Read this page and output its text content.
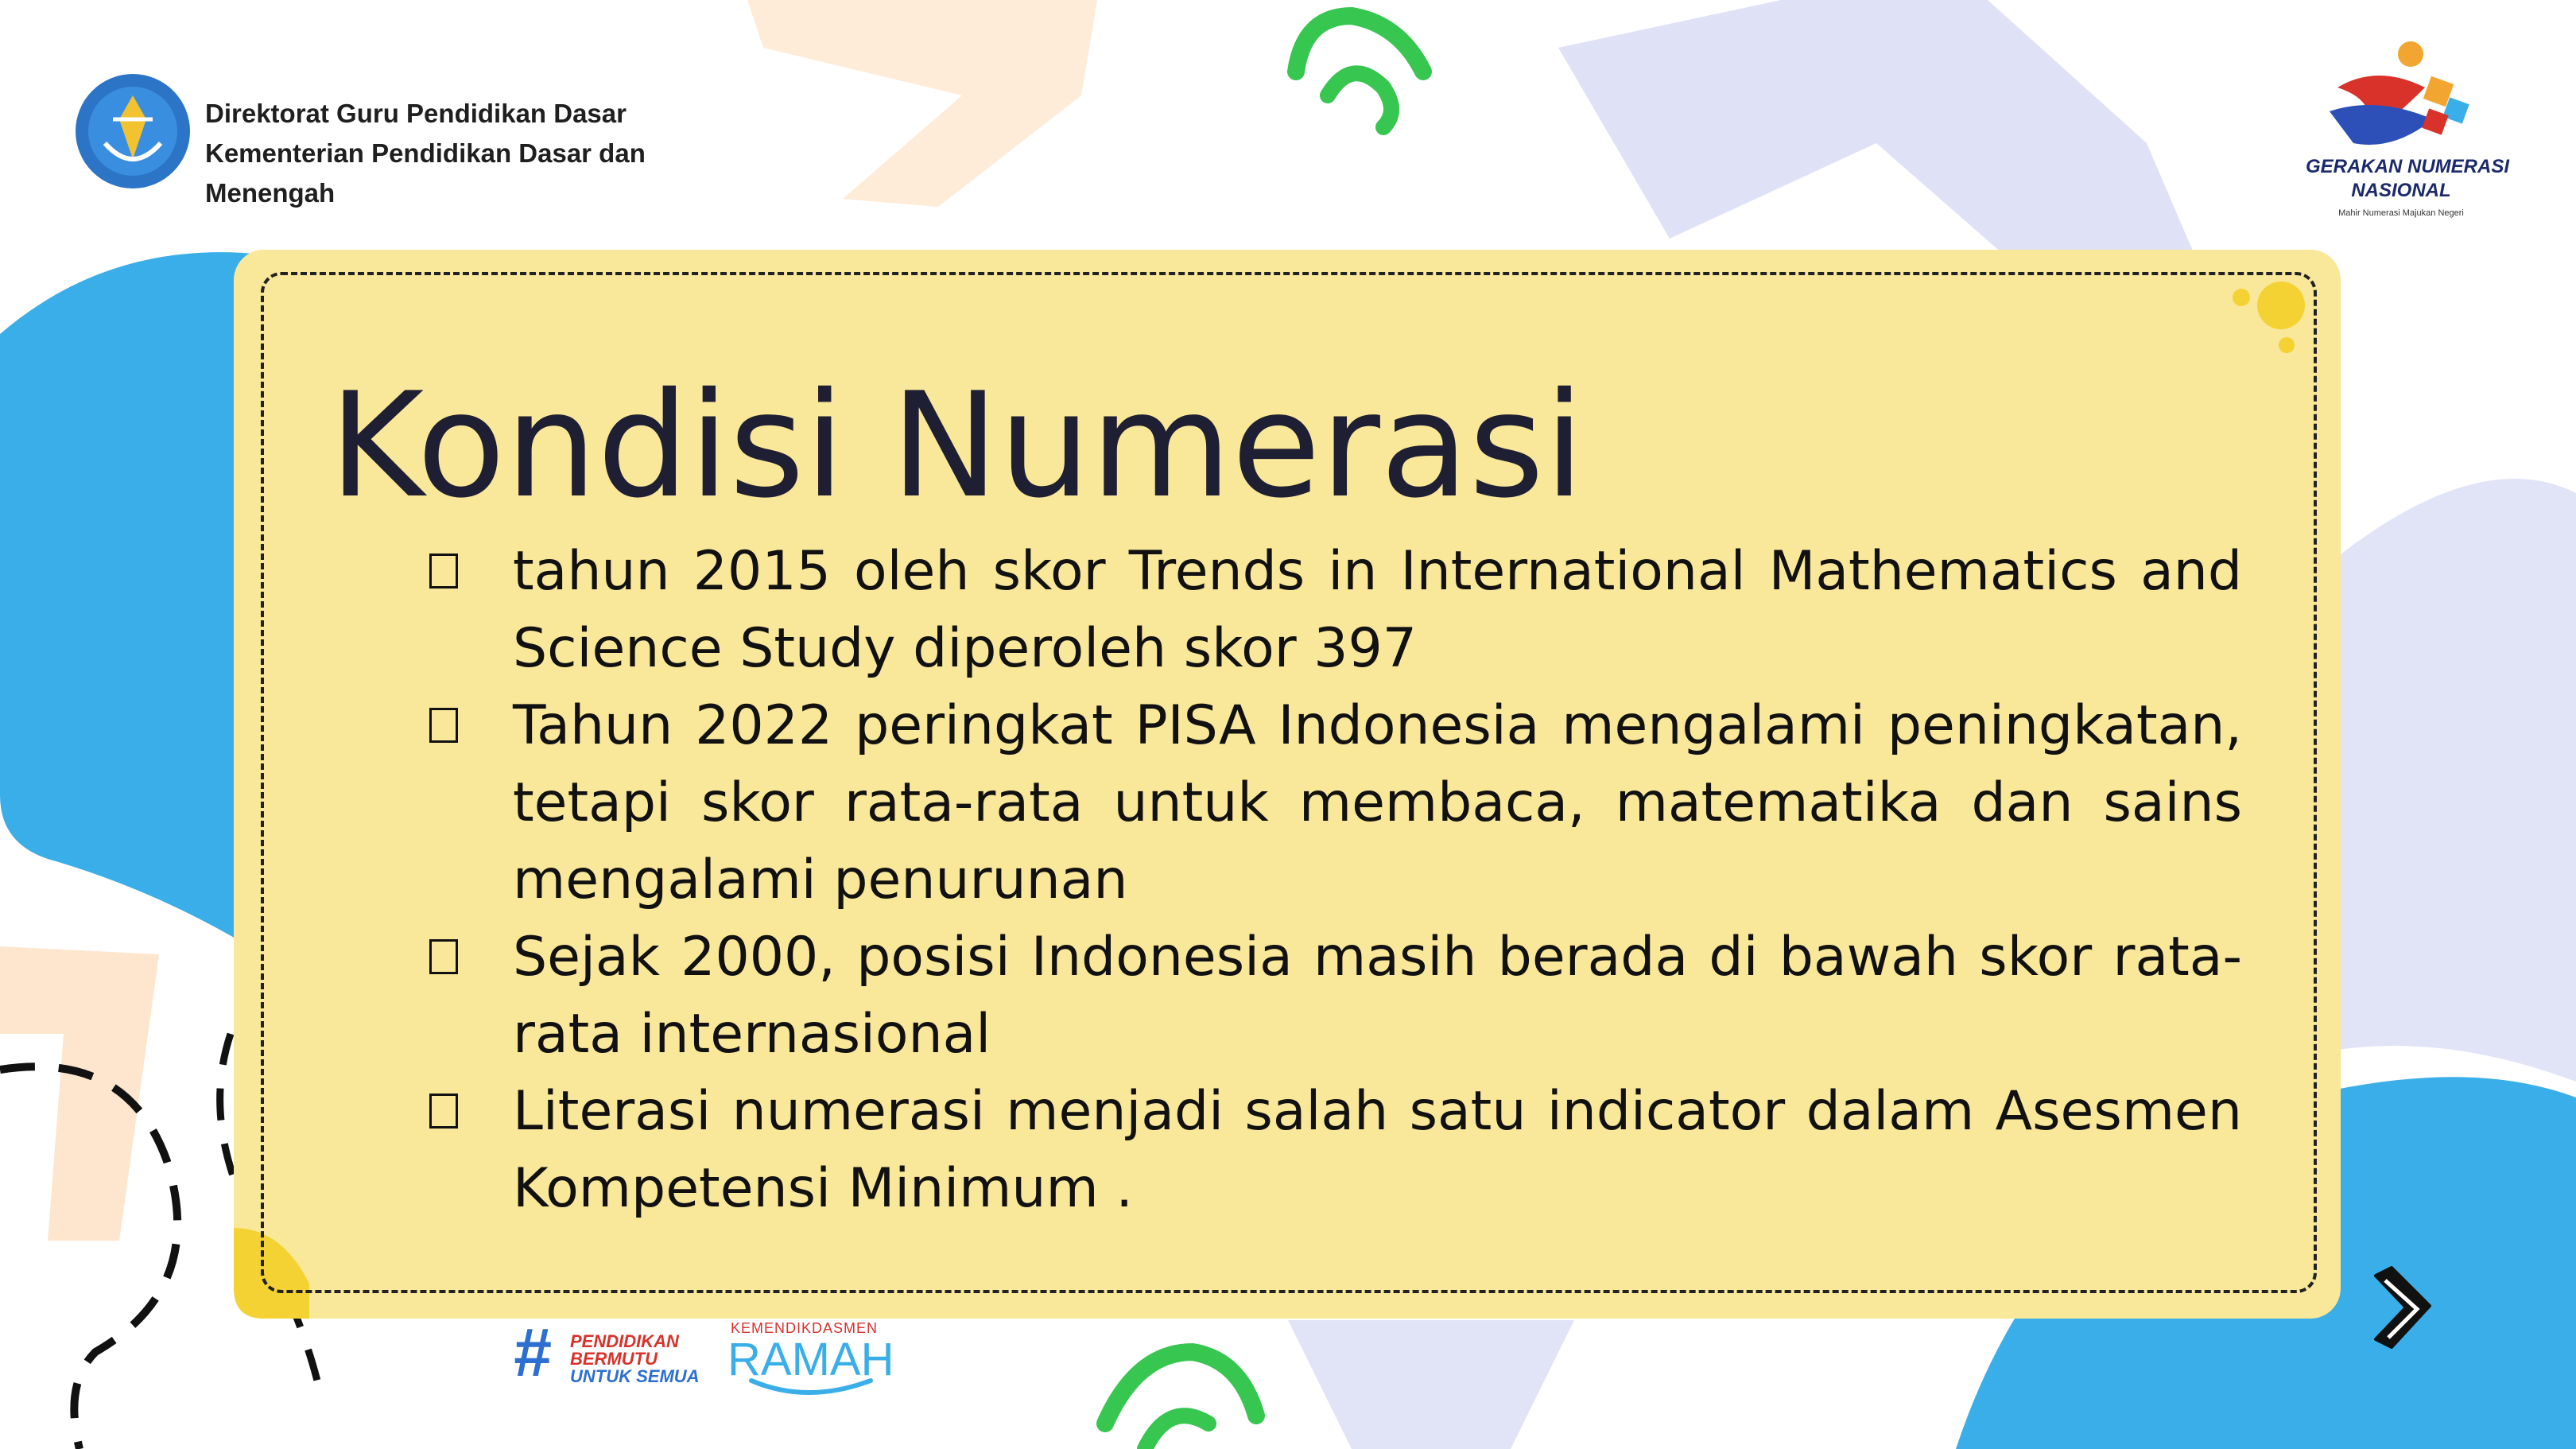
Direktorat Guru Pendidikan Dasar
Kementerian Pendidikan Dasar dan
Menengah
GERAKAN NUMERASI
NASIONAL
Mahir Numerasi Majukan Negeri
Kondisi Numerasi
tahun 2015 oleh skor Trends in International Mathematics and Science Study diperoleh skor 397
Tahun 2022 peringkat PISA Indonesia mengalami peningkatan, tetapi skor rata-rata untuk membaca, matematika dan sains mengalami penurunan
Sejak 2000, posisi Indonesia masih berada di bawah skor rata-rata internasional
Literasi numerasi menjadi salah satu indicator dalam Asesmen Kompetensi Minimum .
# PENDIDIKAN
BERMUTU
UNTUK SEMUA
KEMENDIKDASMEN
RAMAH
